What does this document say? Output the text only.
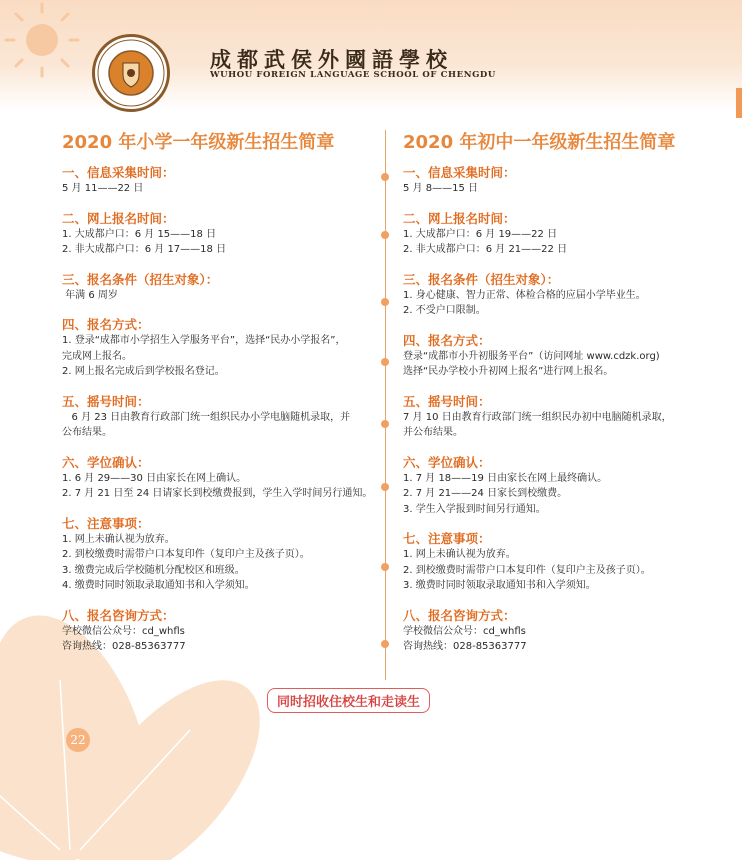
成都武侯外國語學校
WUHOU FOREIGN LANGUAGE SCHOOL OF CHENGDU
2020 年小学一年级新生招生简章
一、信息采集时间：
5 月 11——22 日
二、网上报名时间：
1. 大成都户口：6 月 15——18 日
2. 非大成都户口：6 月 17——18 日
三、报名条件（招生对象）：
年满 6 周岁
四、报名方式：
1. 登录“成都市小学招生入学服务平台”，选择“民办小学报名”，
完成网上报名。
2. 网上报名完成后到学校报名登记。
五、摇号时间：
6 月 23 日由教育行政部门统一组织民办小学电脑随机录取，并
公布结果。
六、学位确认：
1. 6 月 29——30 日由家长在网上确认。
2. 7 月 21 日至 24 日请家长到校缴费报到，学生入学时间另行通知。
七、注意事项：
1. 网上未确认视为放弃。
2. 到校缴费时需带户口本复印件（复印户主及孩子页）。
3. 缴费完成后学校随机分配校区和班级。
4. 缴费时同时领取录取通知书和入学须知。
八、报名咨询方式：
学校微信公众号：cd_whfls
咨询热线：028-85363777
2020 年初中一年级新生招生简章
一、信息采集时间：
5 月 8——15 日
二、网上报名时间：
1. 大成都户口：6 月 19——22 日
2. 非大成都户口：6 月 21——22 日
三、报名条件（招生对象）：
1. 身心健康、智力正常、体检合格的应届小学毕业生。
2. 不受户口限制。
四、报名方式：
登录“成都市小升初服务平台”（访问网址 www.cdzk.org)
选择“民办学校小升初网上报名”进行网上报名。
五、摇号时间：
7 月 10 日由教育行政部门统一组织民办初中电脑随机录取，
并公布结果。
六、学位确认：
1. 7 月 18——19 日由家长在网上最终确认。
2. 7 月 21——24 日家长到校缴费。
3. 学生入学报到时间另行通知。
七、注意事项：
1. 网上未确认视为放弃。
2. 到校缴费时需带户口本复印件（复印户主及孩子页）。
3. 缴费时同时领取录取通知书和入学须知。
八、报名咨询方式：
学校微信公众号：cd_whfls
咨询热线：028-85363777
同时招收住校生和走读生
22
